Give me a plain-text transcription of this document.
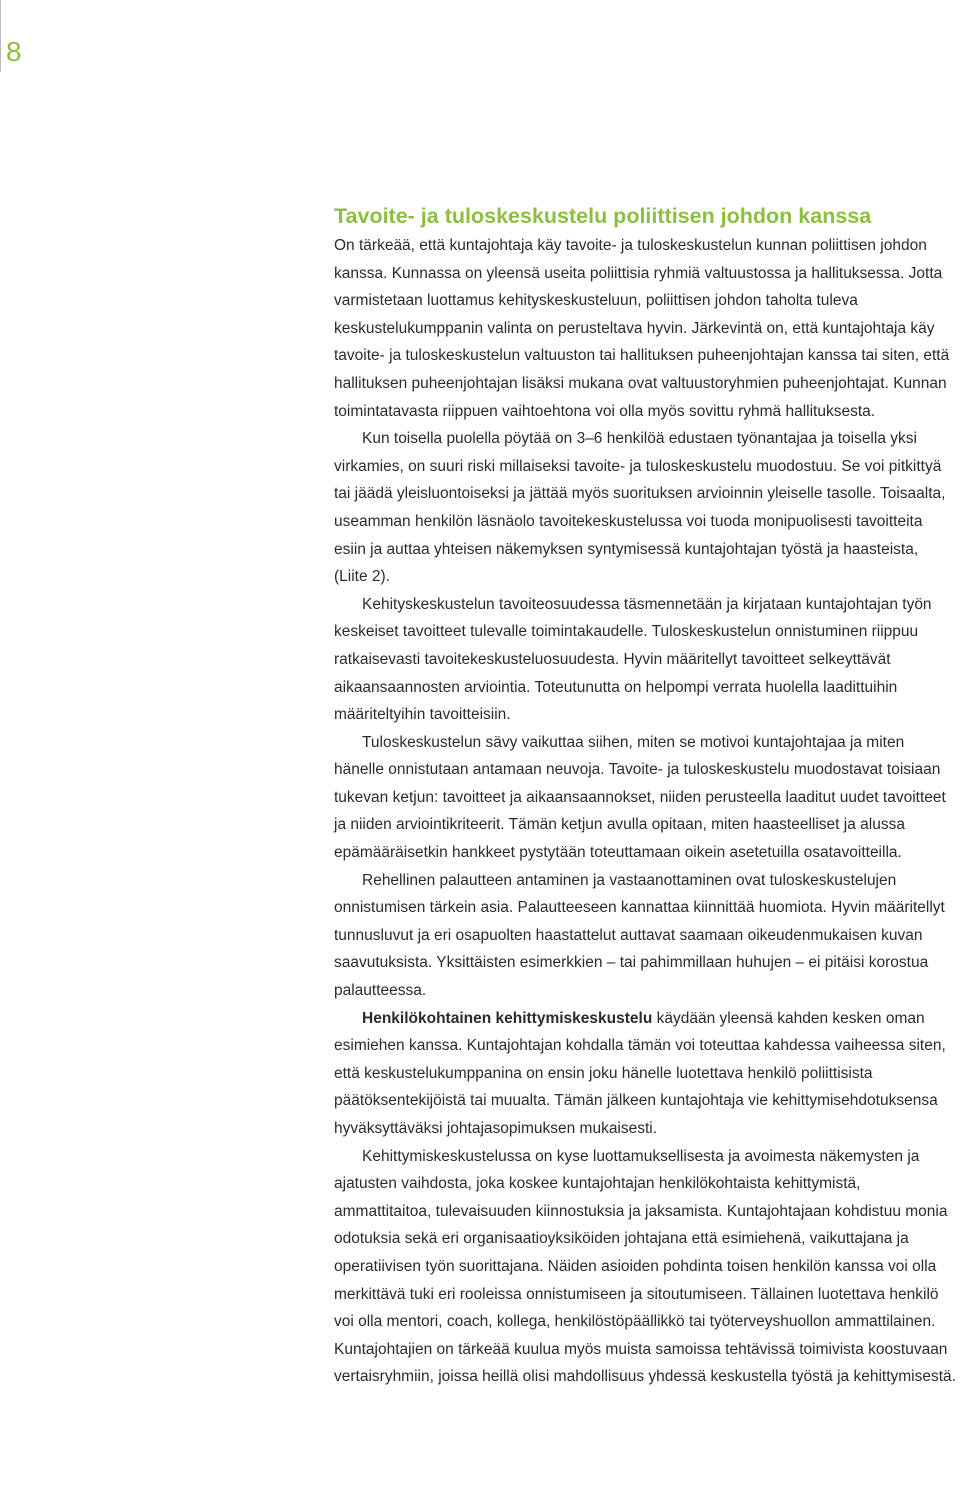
8
Tavoite- ja tuloskeskustelu poliittisen johdon kanssa

On tärkeää, että kuntajohtaja käy tavoite- ja tuloskeskustelun kunnan poliittisen johdon kanssa. Kunnassa on yleensä useita poliittisia ryhmiä valtuustossa ja hallituksessa. Jotta varmistetaan luottamus kehityskeskusteluun, poliittisen johdon taholta tuleva keskustelukumppanin valinta on perusteltava hyvin. Järkevintä on, että kuntajohtaja käy tavoite- ja tuloskeskustelun valtuuston tai hallituksen puheenjohtajan kanssa tai siten, että hallituksen puheenjohtajan lisäksi mukana ovat valtuustoryhmien puheenjohtajat. Kunnan toimintatavasta riippuen vaihtoehtona voi olla myös sovittu ryhmä hallituksesta.

Kun toisella puolella pöytää on 3–6 henkilöä edustaen työnantajaa ja toisella yksi virkamies, on suuri riski millaiseksi tavoite- ja tuloskeskustelu muodostuu. Se voi pitkittyä tai jäädä yleisluontoiseksi ja jättää myös suorituksen arvioinnin yleiselle tasolle. Toisaalta, useamman henkilön läsnäolo tavoitekeskustelussa voi tuoda monipuolisesti tavoitteita esiin ja auttaa yhteisen näkemyksen syntymisessä kuntajohtajan työstä ja haasteista, (Liite 2).

Kehityskeskustelun tavoiteosuudessa täsmennetään ja kirjataan kuntajohtajan työn keskeiset tavoitteet tulevalle toimintakaudelle. Tuloskeskustelun onnistuminen riippuu ratkaisevasti tavoitekeskusteluosuudesta. Hyvin määritellyt tavoitteet selkeyttävät aikaansaannosten arviointia. Toteutunutta on helpompi verrata huolella laadittuihin määriteltyihin tavoitteisiin.

Tuloskeskustelun sävy vaikuttaa siihen, miten se motivoi kuntajohtajaa ja miten hänelle onnistutaan antamaan neuvoja. Tavoite- ja tuloskeskustelu muodostavat toisiaan tukevan ketjun: tavoitteet ja aikaansaannokset, niiden perusteella laaditut uudet tavoitteet ja niiden arviointikriteerit. Tämän ketjun avulla opitaan, miten haasteelliset ja alussa epämääräisetkin hankkeet pystytään toteuttamaan oikein asetetuilla osatavoitteilla.

Rehellinen palautteen antaminen ja vastaanottaminen ovat tuloskeskustelujen onnistumisen tärkein asia. Palautteeseen kannattaa kiinnittää huomiota. Hyvin määritellyt tunnusluvut ja eri osapuolten haastattelut auttavat saamaan oikeudenmukaisen kuvan saavutuksista. Yksittäisten esimerkkien – tai pahimmillaan huhujen – ei pitäisi korostua palautteessa.

Henkilökohtainen kehittymiskeskustelu käydään yleensä kahden kesken oman esimiehen kanssa. Kuntajohtajan kohdalla tämän voi toteuttaa kahdessa vaiheessa siten, että keskustelukumppanina on ensin joku hänelle luotettava henkilö poliittisista päätöksentekijöistä tai muualta. Tämän jälkeen kuntajohtaja vie kehittymisehdotuksensa hyväksyttäväksi johtajasopimuksen mukaisesti.

Kehittymiskeskustelussa on kyse luottamuksellisesta ja avoimesta näkemysten ja ajatusten vaihdosta, joka koskee kuntajohtajan henkilökohtaista kehittymistä, ammattitaitoa, tulevaisuuden kiinnostuksia ja jaksamista. Kuntajohtajaan kohdistuu monia odotuksia sekä eri organisaatioyksiköiden johtajana että esimiehenä, vaikuttajana ja operatiivisen työn suorittajana. Näiden asioiden pohdinta toisen henkilön kanssa voi olla merkittävä tuki eri rooleissa onnistumiseen ja sitoutumiseen. Tällainen luotettava henkilö voi olla mentori, coach, kollega, henkilöstöpäällikkö tai työterveyshuollon ammattilainen. Kuntajohtajien on tärkeää kuulua myös muista samoissa tehtävissä toimivista koostuvaan vertaisryhmiin, joissa heillä olisi mahdollisuus yhdessä keskustella työstä ja kehittymisestä.
